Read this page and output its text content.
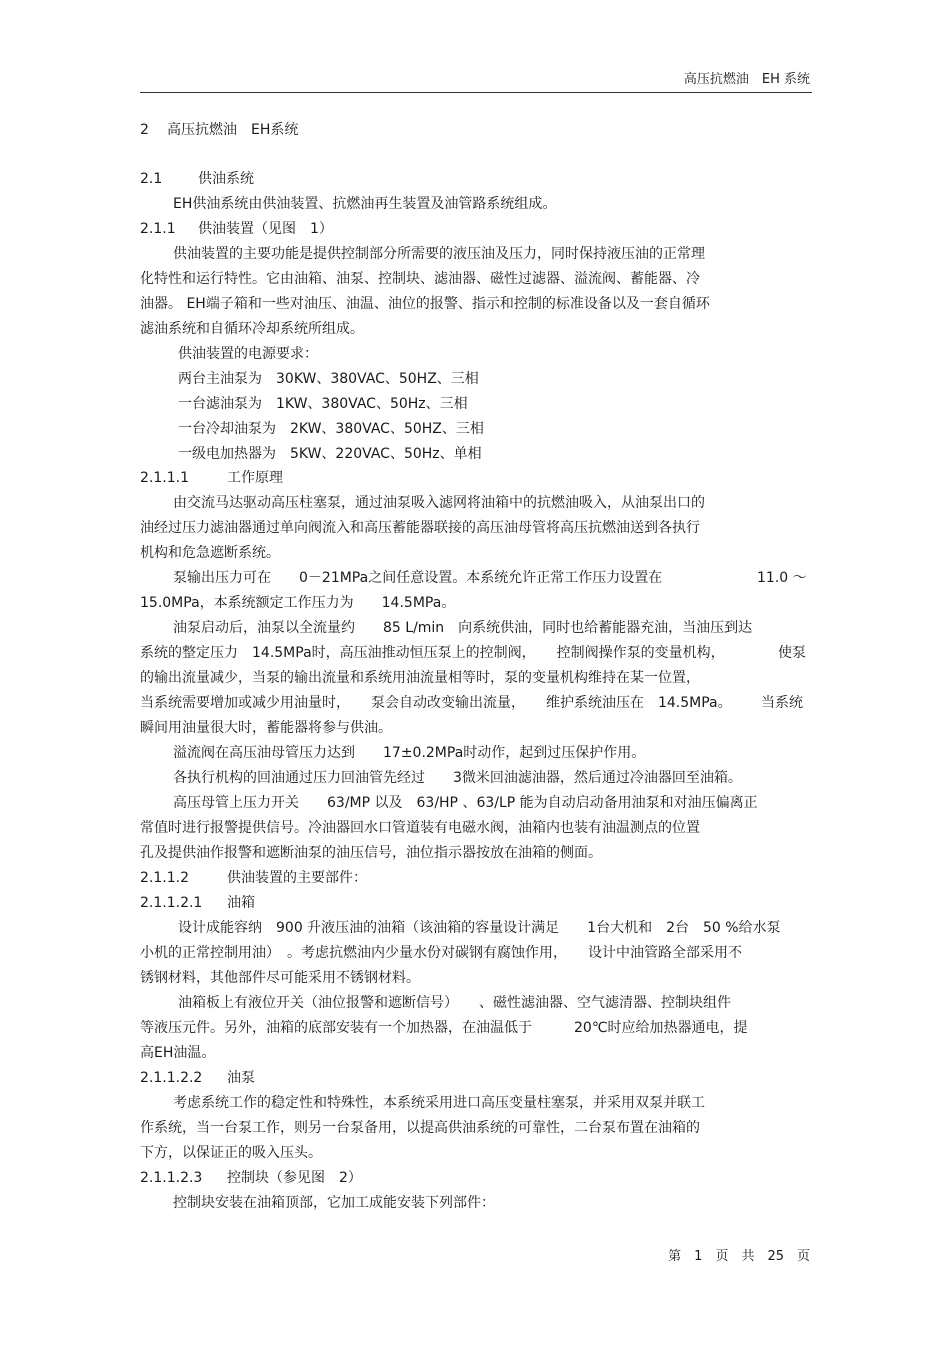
高压抗燃油　EH 系统
2 高压抗燃油　EH系统
2.1	供油系统
EH供油系统由供油装置、抗燃油再生装置及油管路系统组成。
2.1.1 供油装置（见图　1）
供油装置的主要功能是提供控制部分所需要的液压油及压力，同时保持液压油的正常理
化特性和运行特性。它由油箱、油泵、控制块、滤油器、磁性过滤器、溢流阀、蓄能器、冷
油器。 EH端子箱和一些对油压、油温、油位的报警、指示和控制的标准设备以及一套自循环
滤油系统和自循环冷却系统所组成。
供油装置的电源要求：
两台主油泵为　30KW、380VAC、50HZ、三相
一台滤油泵为　1KW、380VAC、50Hz、三相
一台冷却油泵为　2KW、380VAC、50HZ、三相
一级电加热器为　5KW、220VAC、50Hz、单相
2.1.1.1	工作原理
由交流马达驱动高压柱塞泵，通过油泵吸入滤网将油箱中的抗燃油吸入，从油泵出口的
油经过压力滤油器通过单向阀流入和高压蓄能器联接的高压油母管将高压抗燃油送到各执行
机构和危急遮断系统。
泵输出压力可在　　0－21MPa之间任意设置。本系统允许正常工作压力设置在	11.0 ～
15.0MPa，本系统额定工作压力为　　14.5MPa。
油泵启动后，油泵以全流量约　　85 L/min　向系统供油，同时也给蓄能器充油，当油压到达
系统的整定压力　14.5MPa时，高压油推动恒压泵上的控制阀，　　控制阀操作泵的变量机构，	使泵
的输出流量减少，当泵的输出流量和系统用油流量相等时，泵的变量机构维持在某一位置，
当系统需要增加或减少用油量时，　　泵会自动改变输出流量，　　维护系统油压在　14.5MPa。	当系统
瞬间用油量很大时，蓄能器将参与供油。
溢流阀在高压油母管压力达到　　17±0.2MPa时动作，起到过压保护作用。
各执行机构的回油通过压力回油管先经过　　3微米回油滤油器，然后通过冷油器回至油箱。
高压母管上压力开关　　63/MP 以及　63/HP 、63/LP 能为自动启动备用油泵和对油压偏离正
常值时进行报警提供信号。冷油器回水口管道装有电磁水阀，油箱内也装有油温测点的位置
孔及提供油作报警和遮断油泵的油压信号，油位指示器按放在油箱的侧面。
2.1.1.2	供油装置的主要部件：
2.1.1.2.1 油箱
设计成能容纳　900 升液压油的油箱（该油箱的容量设计满足　　1台大机和　2台　50 %给水泵
小机的正常控制用油）　。考虑抗燃油内少量水份对碳钢有腐蚀作用，　　设计中油管路全部采用不
锈钢材料，其他部件尽可能采用不锈钢材料。
油箱板上有液位开关（油位报警和遮断信号）　　、磁性滤油器、空气滤清器、控制块组件
等液压元件。另外，油箱的底部安装有一个加热器，在油温低于　　　20℃时应给加热器通电，提
高EH油温。
2.1.1.2.2 油泵
考虑系统工作的稳定性和特殊性，本系统采用进口高压变量柱塞泵，并采用双泵并联工
作系统，当一台泵工作，则另一台泵备用，以提高供油系统的可靠性，二台泵布置在油箱的
下方，以保证正的吸入压头。
2.1.1.2.3 控制块（参见图　2）
控制块安装在油箱顶部，它加工成能安装下列部件：
第　1　页　共　25　页
